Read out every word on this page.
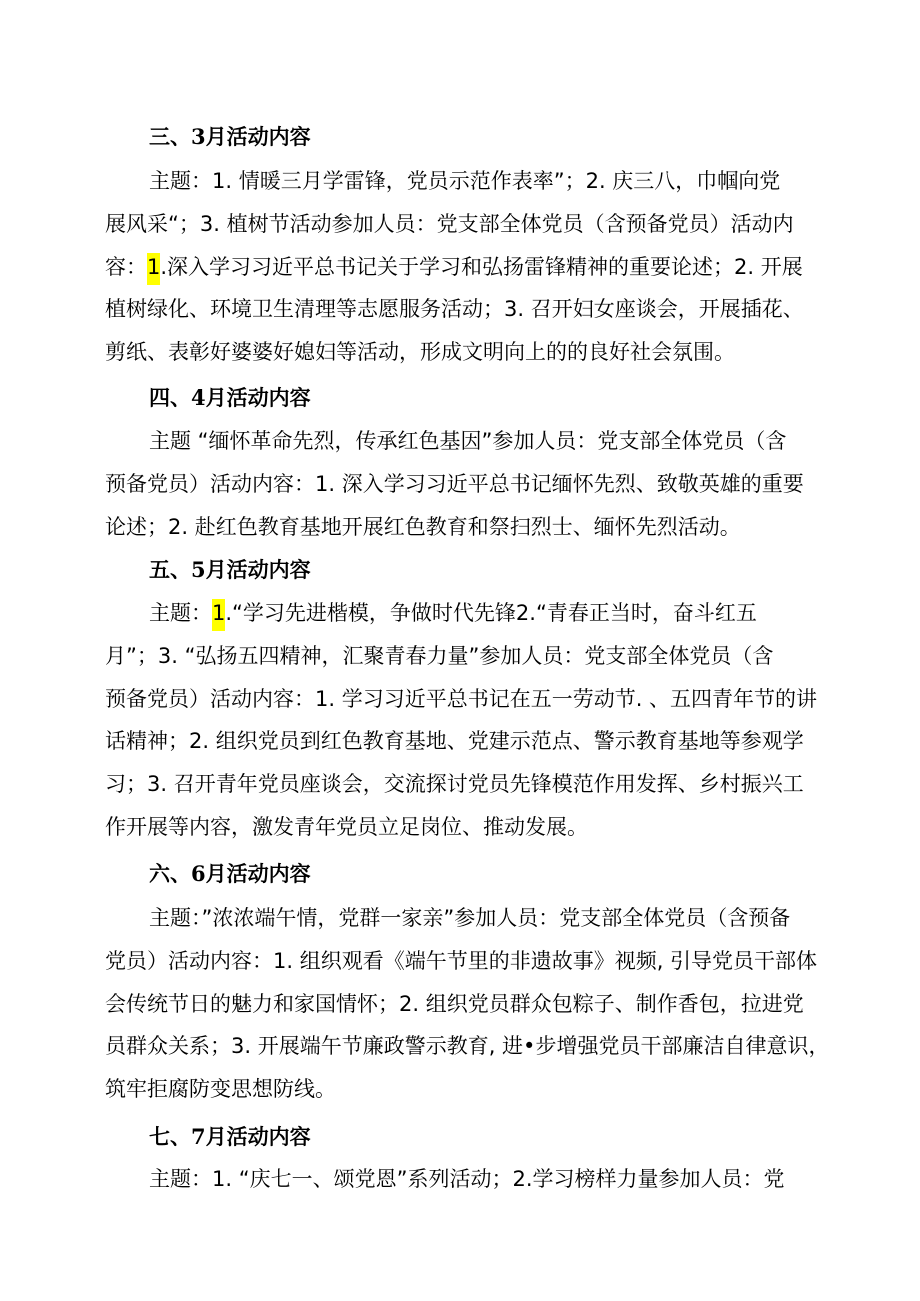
三、3月活动内容
主题：1. 情暖三月学雷锋，党员示范作表率”；2. 庆三八，巾帼向党
展风采“；3. 植树节活动参加人员：党支部全体党员（含预备党员）活动内
容：1.深入学习习近平总书记关于学习和弘扬雷锋精神的重要论述；2. 开展
植树绿化、环境卫生清理等志愿服务活动；3. 召开妇女座谈会，开展插花、
剪纸、表彰好婆婆好媳妇等活动，形成文明向上的的良好社会氛围。
四、4月活动内容
主题 “缅怀革命先烈，传承红色基因”参加人员：党支部全体党员（含
预备党员）活动内容：1. 深入学习习近平总书记缅怀先烈、致敬英雄的重要
论述；2. 赴红色教育基地开展红色教育和祭扫烈士、缅怀先烈活动。
五、5月活动内容
主题：1.“学习先进楷模，争做时代先锋2.“青春正当时，奋斗红五
月”；3. “弘扬五四精神，汇聚青春力量”参加人员：党支部全体党员（含
预备党员）活动内容：1. 学习习近平总书记在五一劳动节. 、五四青年节的讲
话精神；2. 组织党员到红色教育基地、党建示范点、警示教育基地等参观学
习；3. 召开青年党员座谈会，交流探讨党员先锋模范作用发挥、乡村振兴工
作开展等内容，激发青年党员立足岗位、推动发展。
六、6月活动内容
主题：”浓浓端午情，党群一家亲”参加人员：党支部全体党员（含预备
党员）活动内容：1. 组织观看《端午节里的非遗故事》视频, 引导党员干部体
会传统节日的魅力和家国情怀；2. 组织党员群众包粽子、制作香包，拉进党
员群众关系；3. 开展端午节廉政警示教育, 进•步增强党员干部廉洁自律意识，
筑牢拒腐防变思想防线。
七、7月活动内容
主题：1. “庆七一、颂党恩”系列活动；2.学习榜样力量参加人员：党
